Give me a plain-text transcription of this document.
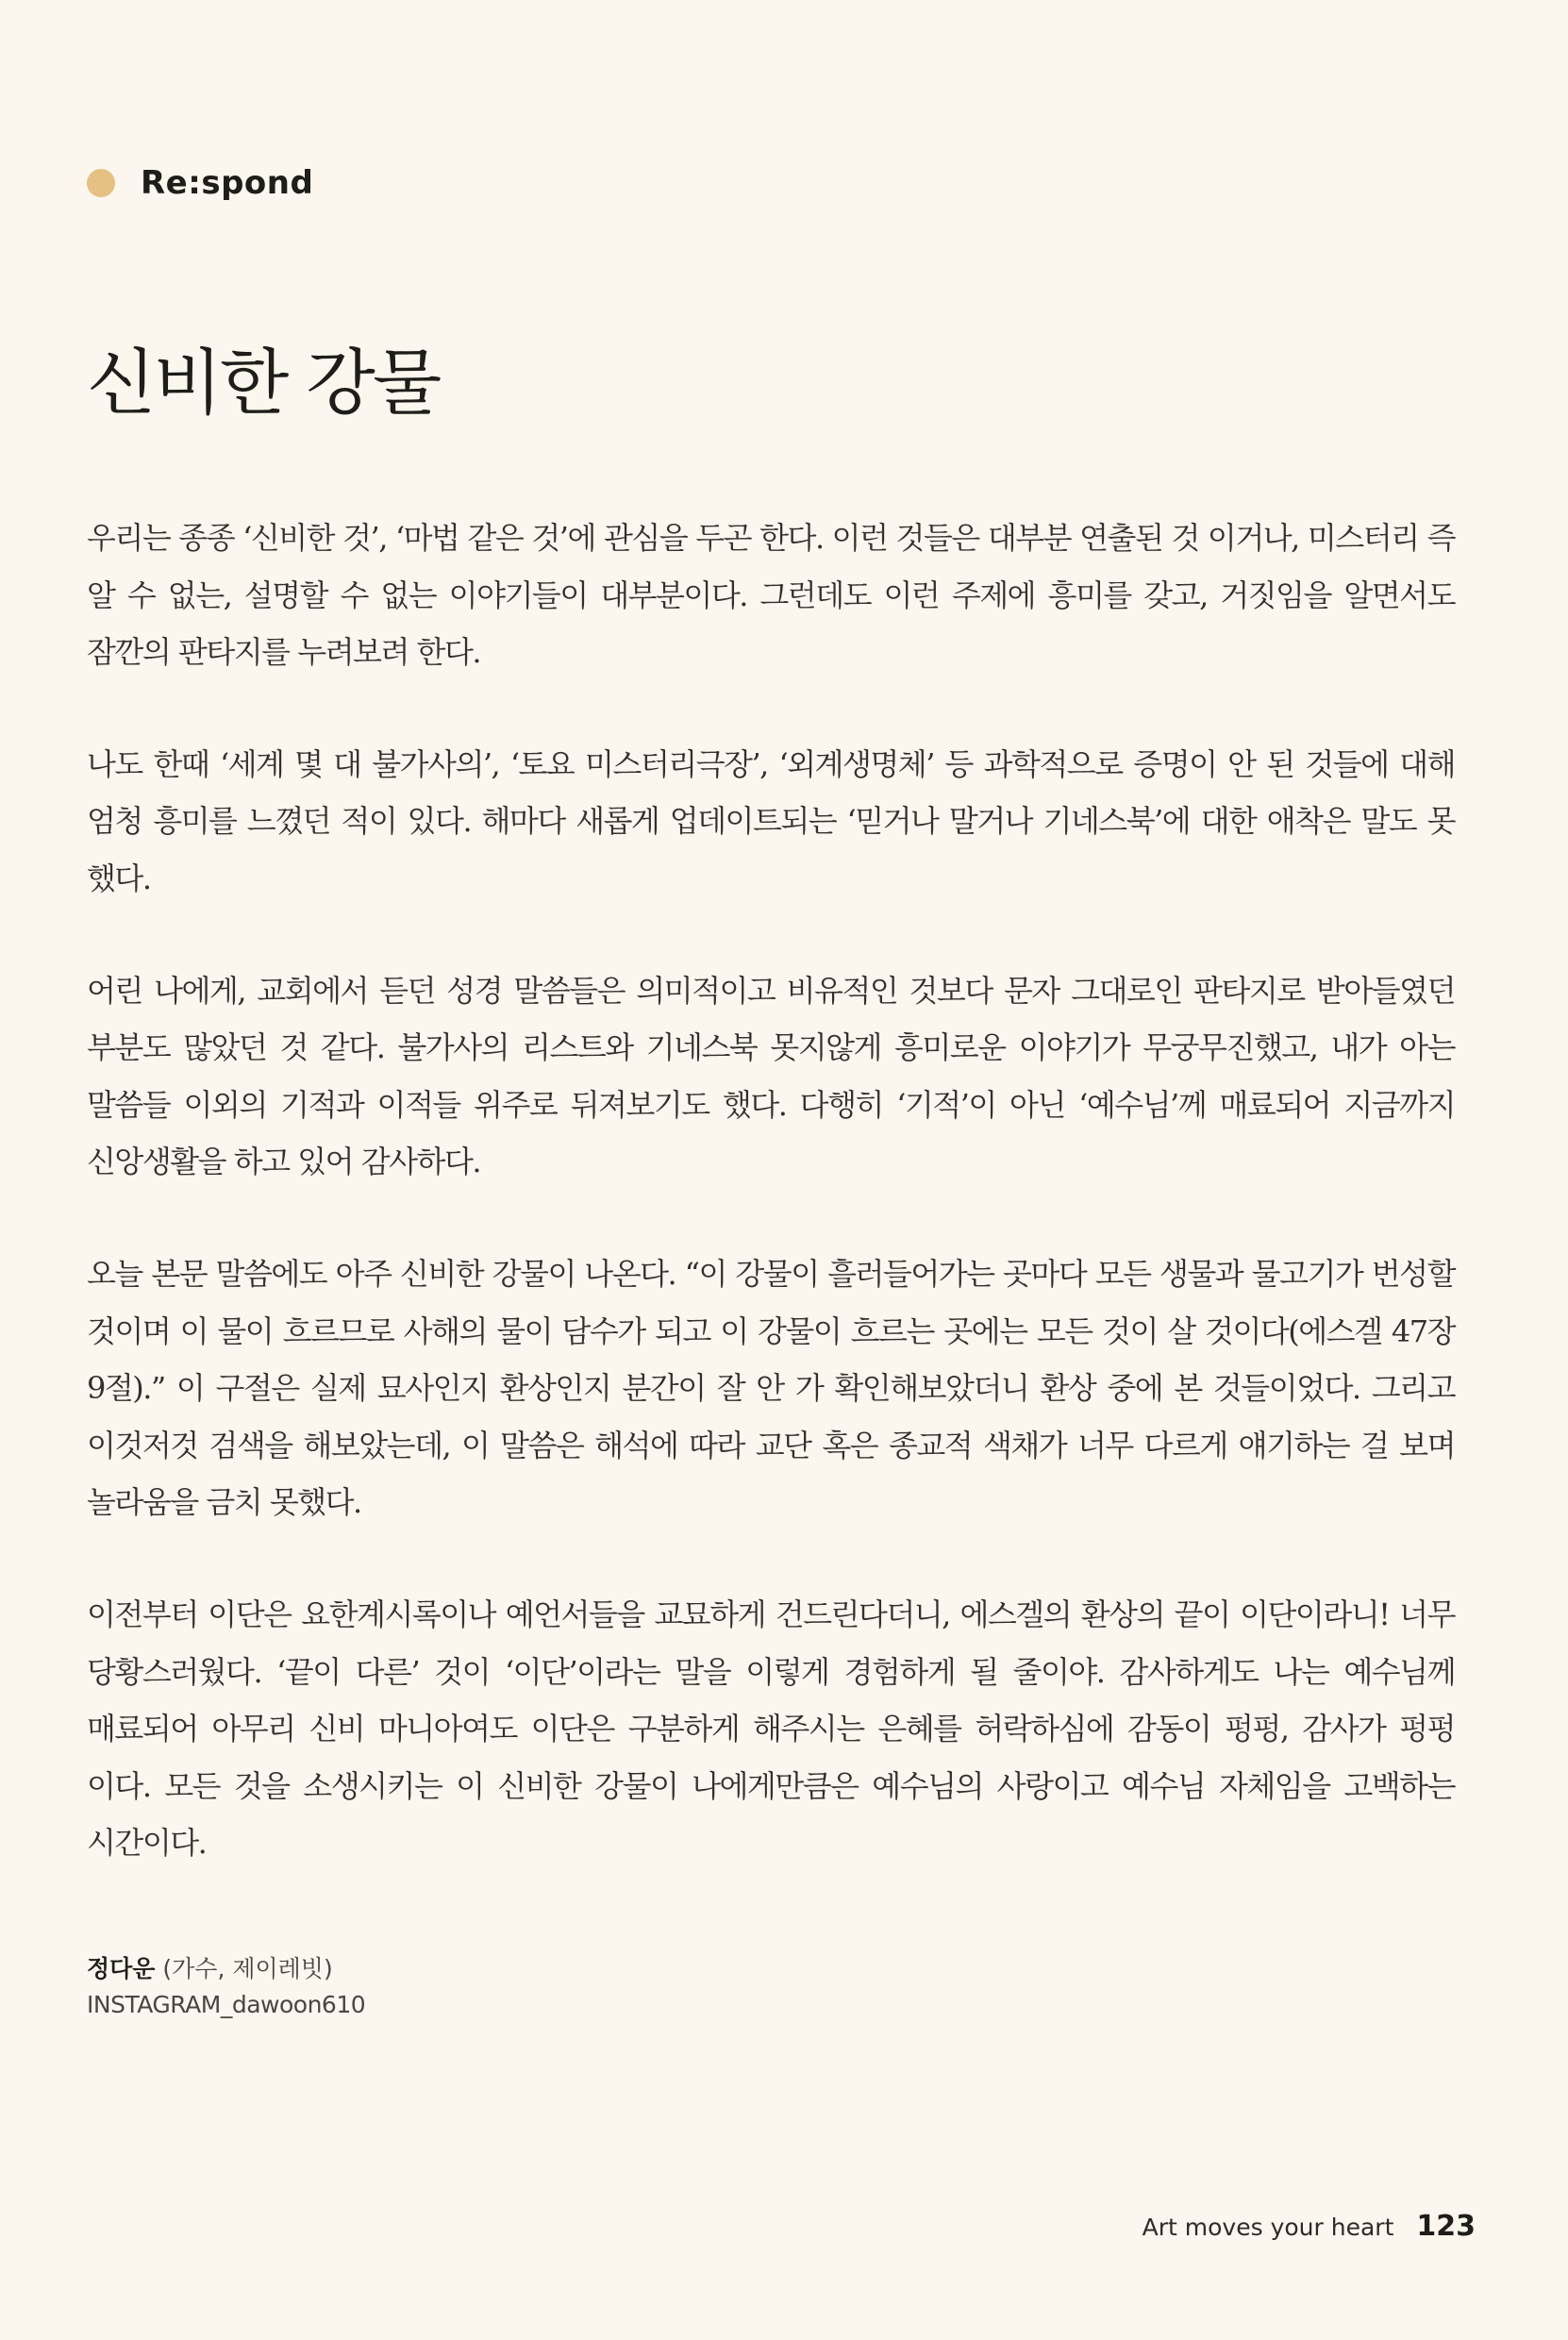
Re:spond
신비한 강물

우리는 종종 ‘신비한 것’, ‘마법 같은 것’에 관심을 두곤 한다. 이런 것들은 대부분 연출된 것 이거나, 미스터리 즉 알 수 없는, 설명할 수 없는 이야기들이 대부분이다. 그런데도 이런 주제에 흥미를 갖고, 거짓임을 알면서도 잠깐의 판타지를 누려보려 한다.

나도 한때 ‘세계 몇 대 불가사의’, ‘토요 미스터리극장’, ‘외계생명체’ 등 과학적으로 증명이 안 된 것들에 대해 엄청 흥미를 느꼈던 적이 있다. 해마다 새롭게 업데이트되는 ‘믿거나 말거나 기네스북’에 대한 애착은 말도 못 했다.

어린 나에게, 교회에서 듣던 성경 말씀들은 의미적이고 비유적인 것보다 문자 그대로인 판타지로 받아들였던 부분도 많았던 것 같다. 불가사의 리스트와 기네스북 못지않게 흥미로운 이야기가 무궁무진했고, 내가 아는 말씀들 이외의 기적과 이적들 위주로 뒤져보기도 했다. 다행히 ‘기적’이 아닌 ‘예수님’께 매료되어 지금까지 신앙생활을 하고 있어 감사하다.

오늘 본문 말씀에도 아주 신비한 강물이 나온다. “이 강물이 흘러들어가는 곳마다 모든 생물과 물고기가 번성할 것이며 이 물이 흐르므로 사해의 물이 담수가 되고 이 강물이 흐르는 곳에는 모든 것이 살 것이다(에스겔 47장 9절).” 이 구절은 실제 묘사인지 환상인지 분간이 잘 안 가 확인해보았더니 환상 중에 본 것들이었다. 그리고 이것저것 검색을 해보았는데, 이 말씀은 해석에 따라 교단 혹은 종교적 색채가 너무 다르게 얘기하는 걸 보며 놀라움을 금치 못했다.

이전부터 이단은 요한계시록이나 예언서들을 교묘하게 건드린다더니, 에스겔의 환상의 끝이 이단이라니! 너무 당황스러웠다. ‘끝이 다른’ 것이 ‘이단’이라는 말을 이렇게 경험하게 될 줄이야. 감사하게도 나는 예수님께 매료되어 아무리 신비 마니아여도 이단은 구분하게 해주시는 은혜를 허락하심에 감동이 펑펑, 감사가 펑펑 이다. 모든 것을 소생시키는 이 신비한 강물이 나에게만큼은 예수님의 사랑이고 예수님 자체임을 고백하는 시간이다.

정다운 (가수, 제이레빗)
INSTAGRAM_dawoon610
Art moves your heart 123
